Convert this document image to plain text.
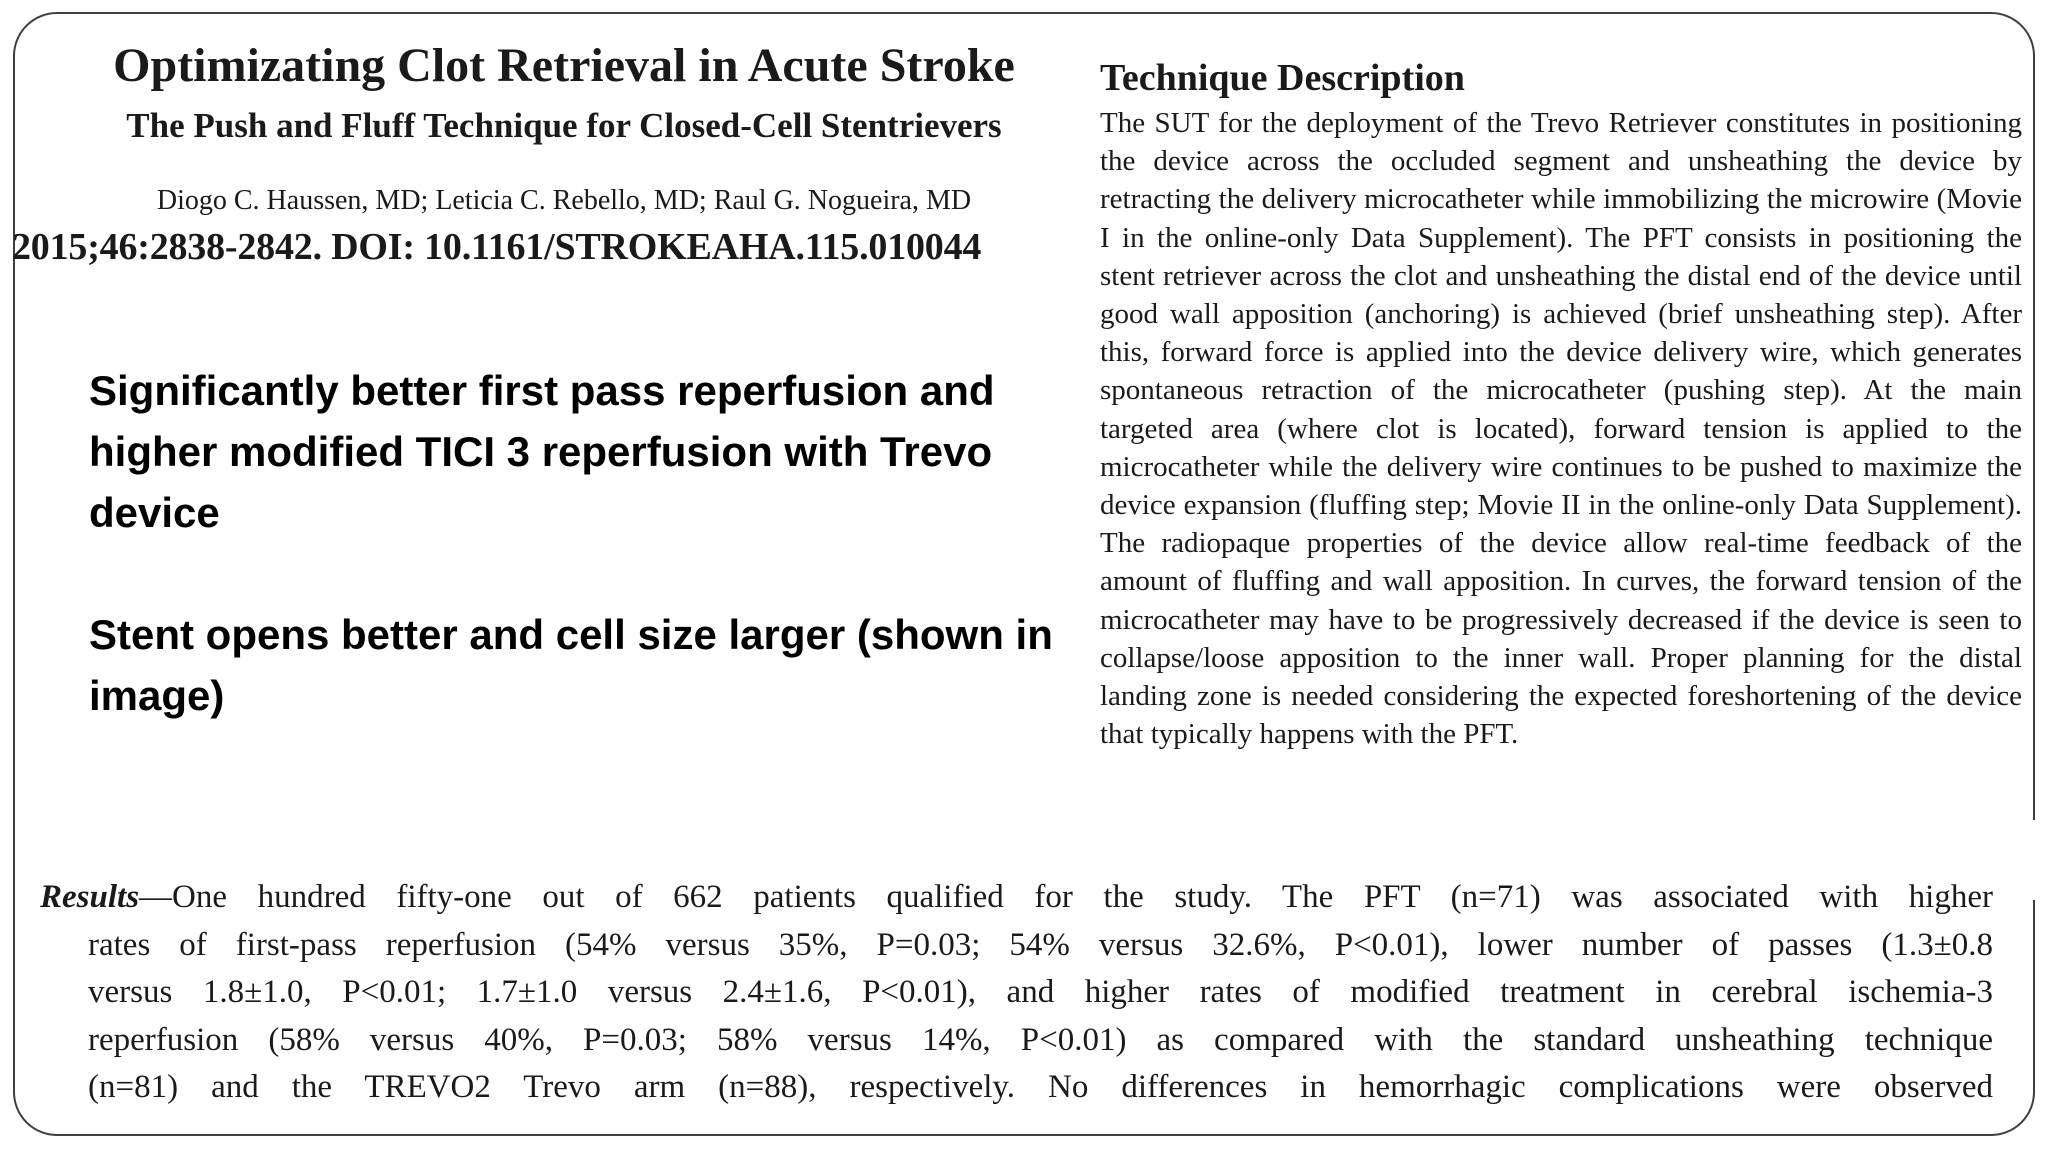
Optimizating Clot Retrieval in Acute Stroke
The Push and Fluff Technique for Closed-Cell Stentrievers
Diogo C. Haussen, MD; Leticia C. Rebello, MD; Raul G. Nogueira, MD
2015;46:2838-2842. DOI: 10.1161/STROKEAHA.115.010044

Significantly better first pass reperfusion and higher modified TICI 3 reperfusion with Trevo device

Stent opens better and cell size larger (shown in image)

Technique Description

The SUT for the deployment of the Trevo Retriever constitutes in positioning the device across the occluded segment and unsheathing the device by retracting the delivery microcatheter while immobilizing the microwire (Movie I in the online-only Data Supplement). The PFT consists in positioning the stent retriever across the clot and unsheathing the distal end of the device until good wall apposition (anchoring) is achieved (brief unsheathing step). After this, forward force is applied into the device delivery wire, which generates spontaneous retraction of the microcatheter (pushing step). At the main targeted area (where clot is located), forward tension is applied to the microcatheter while the delivery wire continues to be pushed to maximize the device expansion (fluffing step; Movie II in the online-only Data Supplement). The radiopaque properties of the device allow real-time feedback of the amount of fluffing and wall apposition. In curves, the forward tension of the microcatheter may have to be progressively decreased if the device is seen to collapse/loose apposition to the inner wall. Proper planning for the distal landing zone is needed considering the expected foreshortening of the device that typically happens with the PFT.

Results—One hundred fifty-one out of 662 patients qualified for the study. The PFT (n=71) was associated with higher
rates of first-pass reperfusion (54% versus 35%, P=0.03; 54% versus 32.6%, P<0.01), lower number of passes (1.3±0.8
versus 1.8±1.0, P<0.01; 1.7±1.0 versus 2.4±1.6, P<0.01), and higher rates of modified treatment in cerebral ischemia-3
reperfusion (58% versus 40%, P=0.03; 58% versus 14%, P<0.01) as compared with the standard unsheathing technique
(n=81) and the TREVO2 Trevo arm (n=88), respectively. No differences in hemorrhagic complications were observed
